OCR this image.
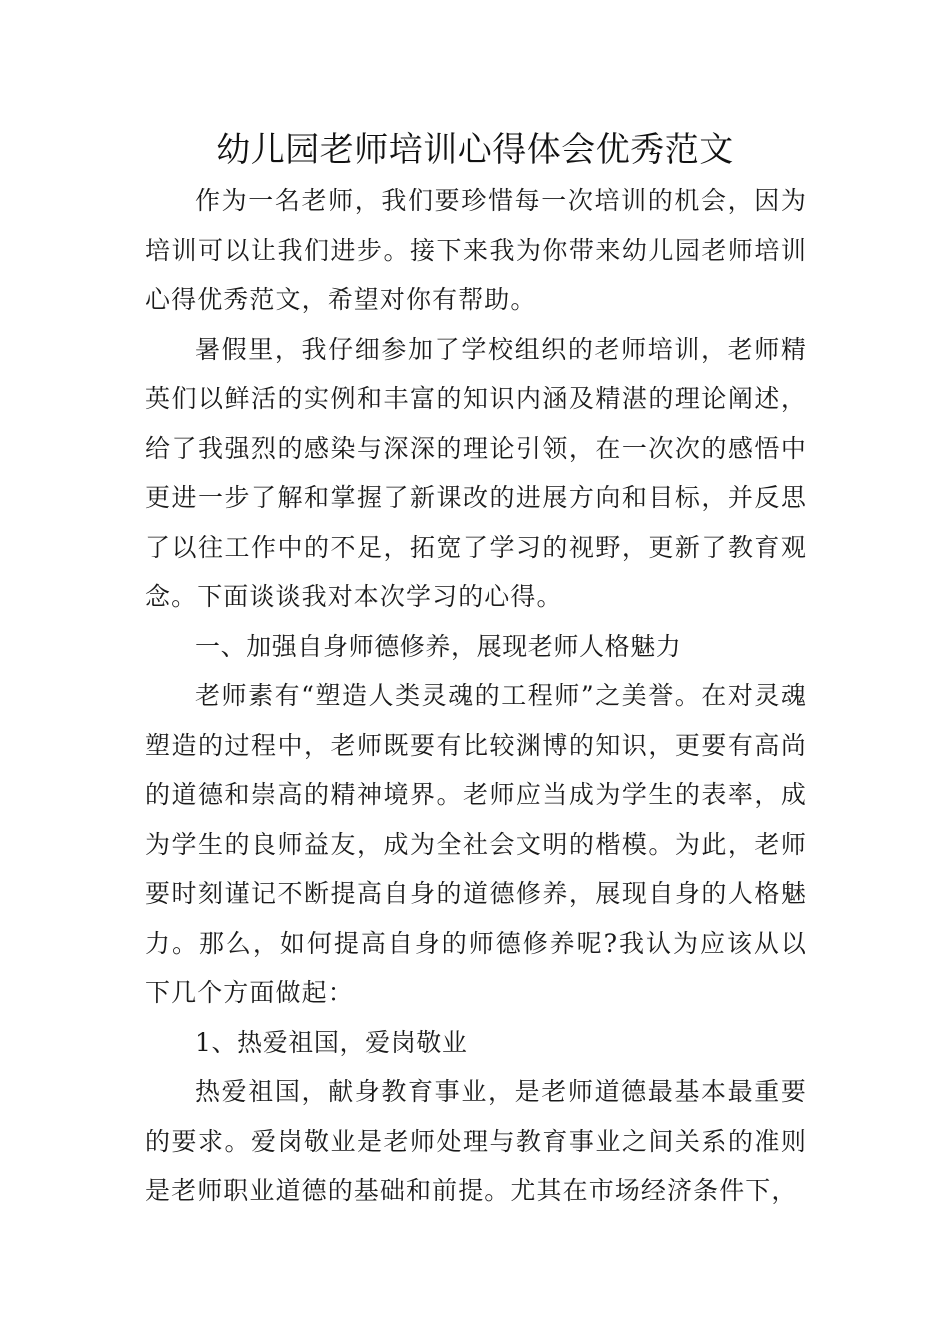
幼儿园老师培训心得体会优秀范文

作为一名老师，我们要珍惜每一次培训的机会，因为培训可以让我们进步。接下来我为你带来幼儿园老师培训心得优秀范文，希望对你有帮助。

暑假里，我仔细参加了学校组织的老师培训，老师精英们以鲜活的实例和丰富的知识内涵及精湛的理论阐述，给了我强烈的感染与深深的理论引领，在一次次的感悟中更进一步了解和掌握了新课改的进展方向和目标，并反思了以往工作中的不足，拓宽了学习的视野，更新了教育观念。下面谈谈我对本次学习的心得。

一、加强自身师德修养，展现老师人格魅力

老师素有“塑造人类灵魂的工程师”之美誉。在对灵魂塑造的过程中，老师既要有比较渊博的知识，更要有高尚的道德和崇高的精神境界。老师应当成为学生的表率，成为学生的良师益友，成为全社会文明的楷模。为此，老师要时刻谨记不断提高自身的道德修养，展现自身的人格魅力。那么，如何提高自身的师德修养呢?我认为应该从以下几个方面做起：

1、热爱祖国，爱岗敬业

热爱祖国，献身教育事业，是老师道德最基本最重要的要求。爱岗敬业是老师处理与教育事业之间关系的准则是老师职业道德的基础和前提。尤其在市场经济条件下，
